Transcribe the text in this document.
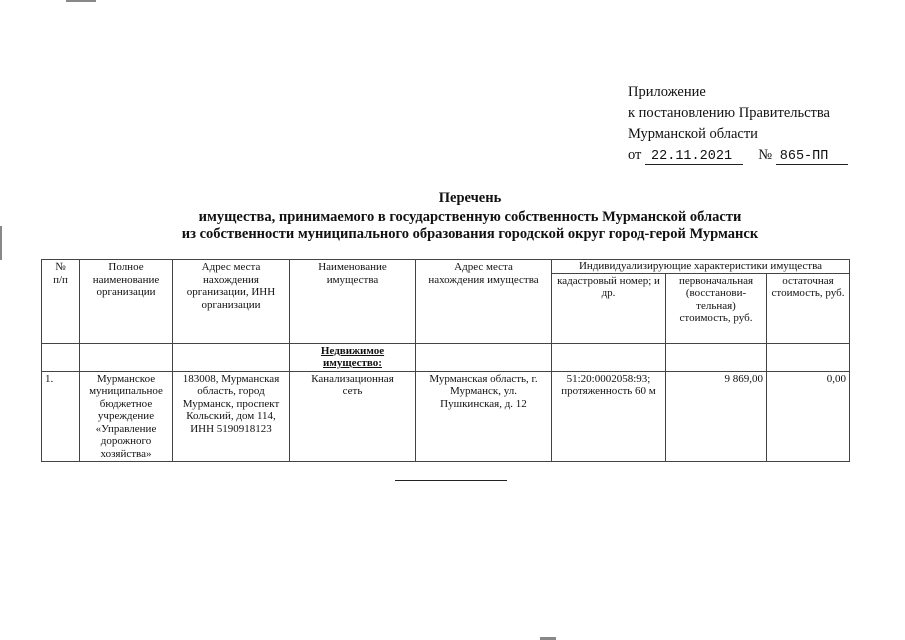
Приложение
к постановлению Правительства
Мурманской области
от 22.11.2021 № 865-ПП
Перечень
имущества, принимаемого в государственную собственность Мурманской области
из собственности муниципального образования городской округ город-герой Мурманск
№ п/п	Полное наименование организации	Адрес места нахождения организации, ИНН организации	Наименование имущества	Адрес места нахождения имущества	Индивидуализирующие характеристики имущества		
					кадастровый номер; и др.	первоначальная (восстанови-тельная) стоимость, руб.	остаточная стоимость, руб.
			Недвижимое имущество:				
1.	Мурманское муниципальное бюджетное учреждение «Управление дорожного хозяйства»	183008, Мурманская область, город Мурманск, проспект Кольский, дом 114, ИНН 5190918123	Канализационная сеть	Мурманская область, г. Мурманск, ул. Пушкинская, д. 12	51:20:0002058:93; протяженность 60 м	9 869,00	0,00
